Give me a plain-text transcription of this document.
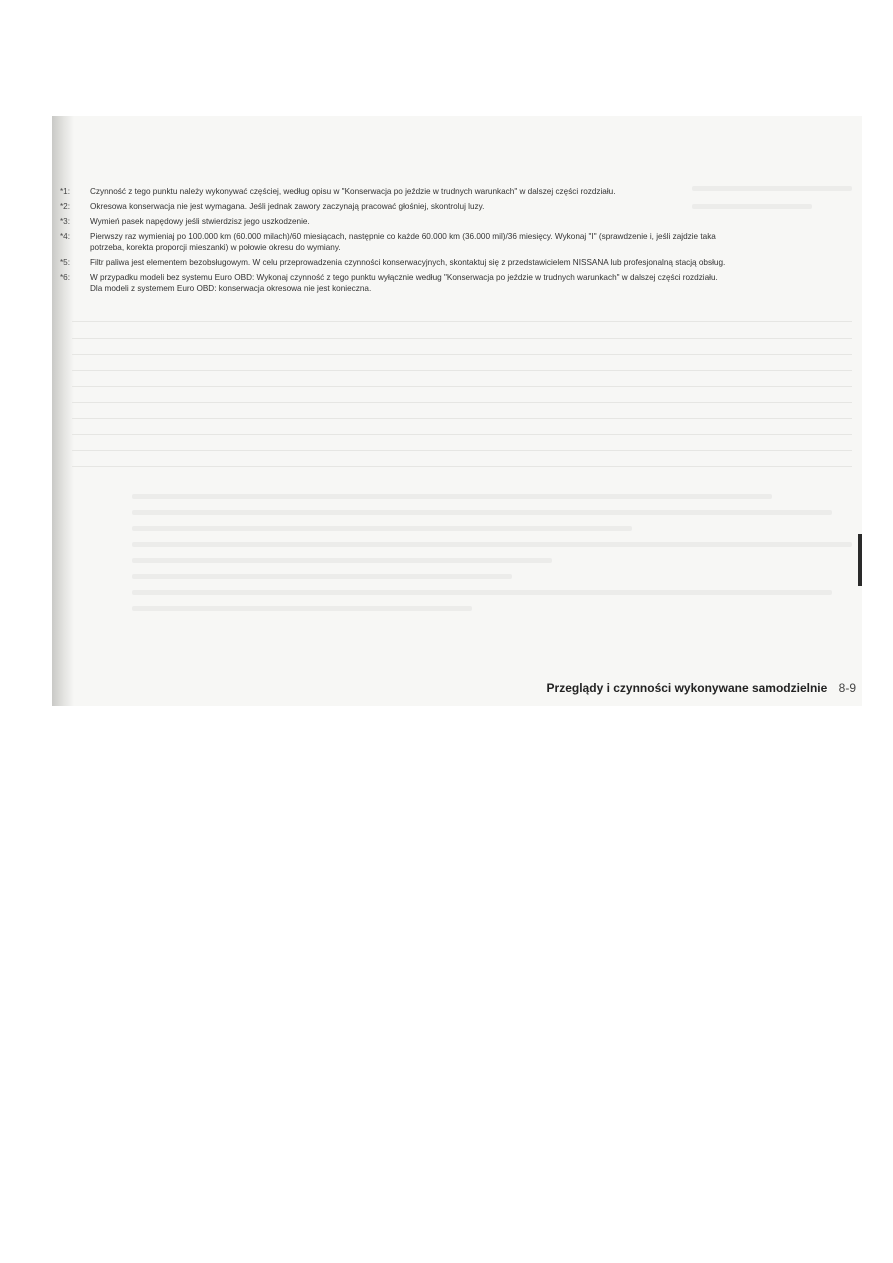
*1:	Czynność z tego punktu należy wykonywać częściej, według opisu w "Konserwacja po jeździe w trudnych warunkach" w dalszej części rozdziału.
*2:	Okresowa konserwacja nie jest wymagana. Jeśli jednak zawory zaczynają pracować głośniej, skontroluj luzy.
*3:	Wymień pasek napędowy jeśli stwierdzisz jego uszkodzenie.
*4:	Pierwszy raz wymieniaj po 100.000 km (60.000 milach)/60 miesiącach, następnie co każde 60.000 km (36.000 mil)/36 miesięcy. Wykonaj "I" (sprawdzenie i, jeśli zajdzie taka
potrzeba, korekta proporcji mieszanki) w połowie okresu do wymiany.
*5:	Filtr paliwa jest elementem bezobsługowym. W celu przeprowadzenia czynności konserwacyjnych, skontaktuj się z przedstawicielem NISSANA lub profesjonalną stacją obsług.
*6:	W przypadku modeli bez systemu Euro OBD: Wykonaj czynność z tego punktu wyłącznie według "Konserwacja po jeździe w trudnych warunkach" w dalszej części rozdziału.
Dla modeli z systemem Euro OBD: konserwacja okresowa nie jest konieczna.
Przeglądy i czynności wykonywane samodzielnie 8-9
